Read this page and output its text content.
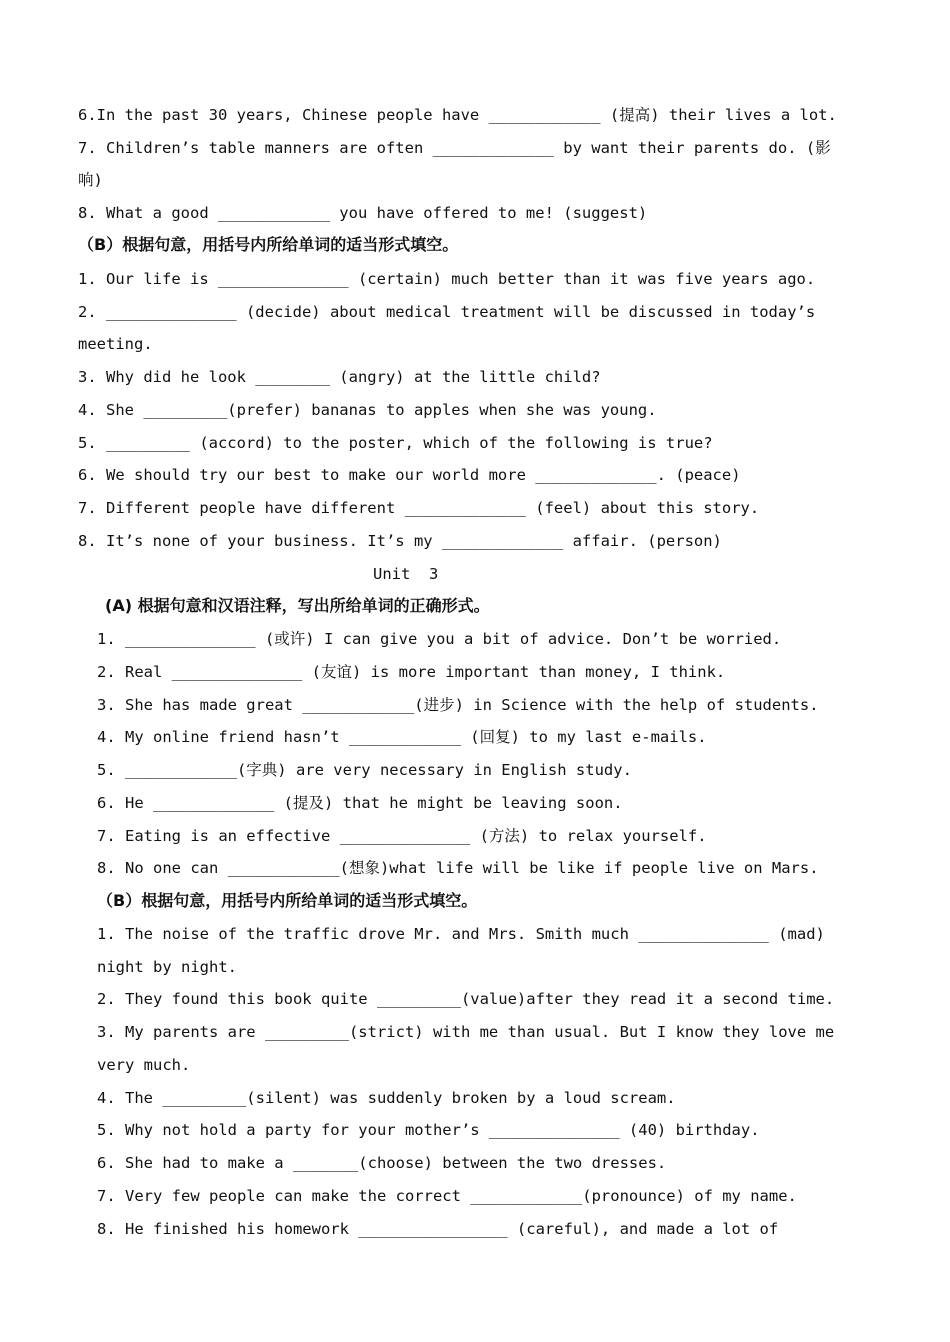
6.In the past 30 years, Chinese people have ____________ (提高) their lives a lot.

7. Children’s table manners are often _____________ by want their parents do. (影

响)

8. What a good ____________ you have offered to me! (suggest)

（B）根据句意，用括号内所给单词的适当形式填空。

1. Our life is ______________ (certain) much better than it was five years ago.

2. ______________ (decide) about medical treatment will be discussed in today’s

meeting.

3. Why did he look ________ (angry) at the little child?

4. She _________(prefer) bananas to apples when she was young.

5. _________ (accord) to the poster, which of the following is true?

6. We should try our best to make our world more _____________. (peace)

7. Different people have different _____________ (feel) about this story.

8. It’s none of your business. It’s my _____________ affair. (person)

Unit  3

(A) 根据句意和汉语注释，写出所给单词的正确形式。

1. ______________ (或许) I can give you a bit of advice. Don’t be worried.

2. Real ______________ (友谊) is more important than money, I think.

3. She has made great ____________(进步) in Science with the help of students.

4. My online friend hasn’t ____________ (回复) to my last e-mails.

5. ____________(字典) are very necessary in English study.

6. He _____________ (提及) that he might be leaving soon.

7. Eating is an effective ______________ (方法) to relax yourself.

8. No one can ____________(想象)what life will be like if people live on Mars.

（B）根据句意，用括号内所给单词的适当形式填空。

1. The noise of the traffic drove Mr. and Mrs. Smith much ______________ (mad)

night by night.

2. They found this book quite _________(value)after they read it a second time.

3. My parents are _________(strict) with me than usual. But I know they love me

very much.

4. The _________(silent) was suddenly broken by a loud scream.

5. Why not hold a party for your mother’s ______________ (40) birthday.

6. She had to make a _______(choose) between the two dresses.

7. Very few people can make the correct ____________(pronounce) of my name.

8. He finished his homework ________________ (careful), and made a lot of
